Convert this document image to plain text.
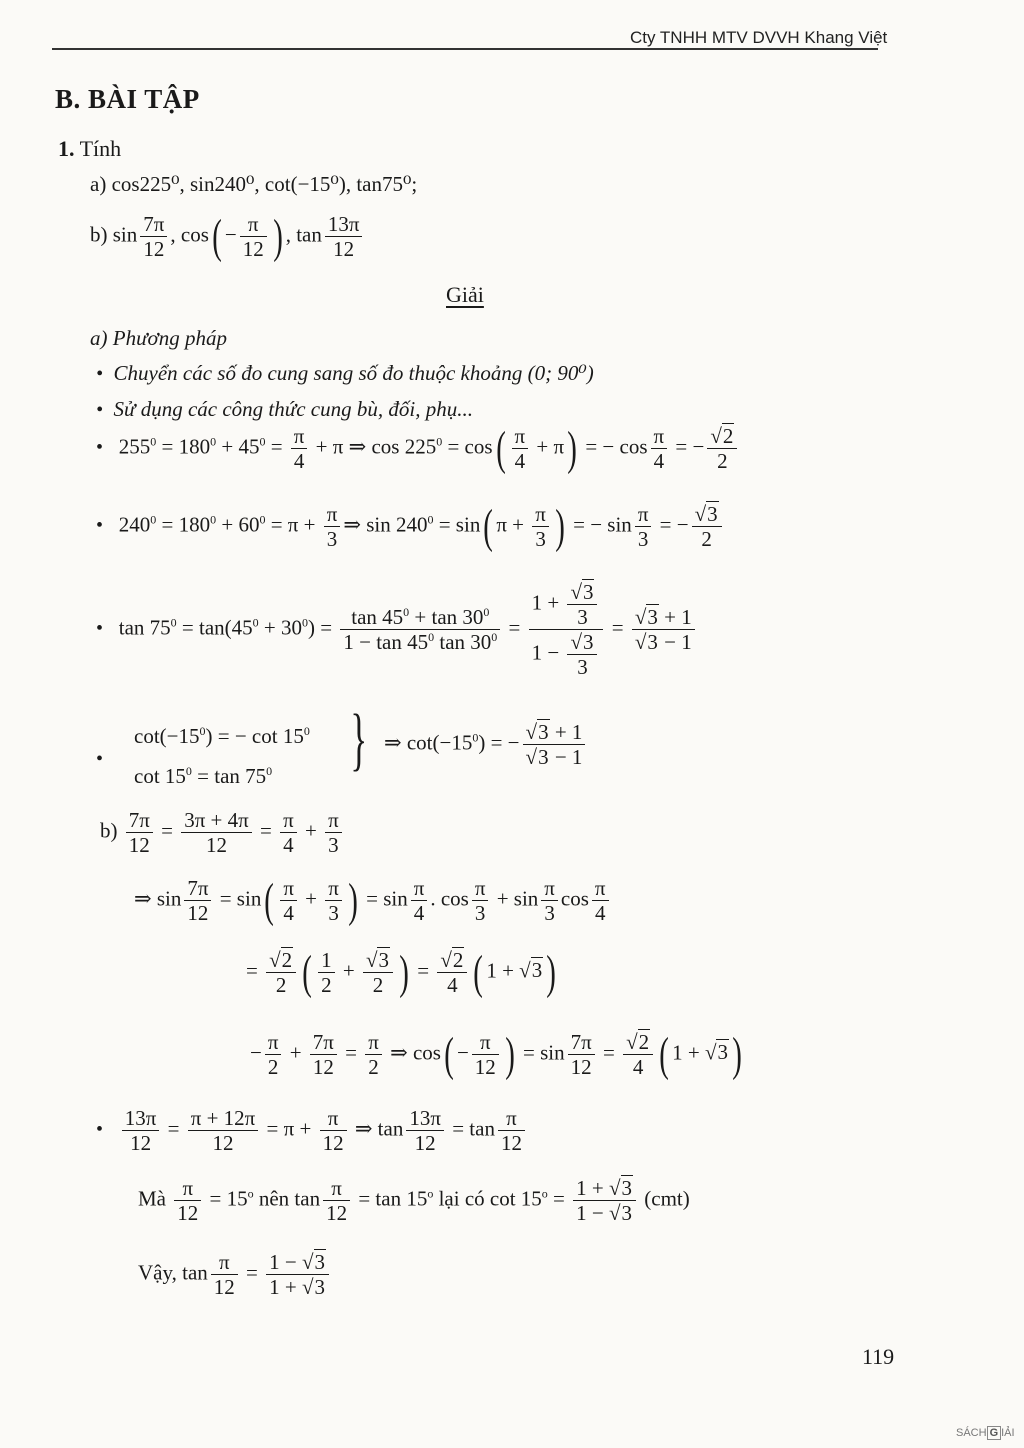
Cty TNHH MTV DVVH Khang Việt
B. BÀI TẬP
1. Tính
a) cos225⁰, sin240⁰, cot(−15⁰), tan75⁰;
b) $\sin \frac{7\pi}{12}$ , $\cos( - \frac{\pi}{12}$ ) , $\tan \frac{13\pi}{12}$
Giải
a) Phương pháp
• Chuyển các số đo cung sang số đo thuộc khoảng (0; 90⁰)
• Sử dụng các công thức cung bù, đối, phụ...
•   $255^0 = 180^0 + 45^0 = \frac{\pi}{4} + \pi$ ⇒ $\cos 225^0 = \cos( \frac{\pi}{4} + \pi)$ = − $\cos \frac{\pi}{4}$ = − $\frac{√2}{2}$
•   $240^0 = 180^0 + 60^0 = \pi + \frac{\pi}{3}$ ⇒ $\sin 240^0 = \sin$( $\pi + \frac{\pi}{3}$ ) = − $\sin \frac{\pi}{3}$ = − $\frac{√3}{2}$
•   $\tan 75^0 = \tan(45^0 + 30^0) = \frac{\tan 45^0 + \tan 30^0}{1 - \tan 45^0 \tan 30^0} = \frac{1 + \frac{√3}{3}}{1 - \frac{√3}{3}} = \frac{√3 + 1}{√3 - 1}$
•
$\cot(-15^0)$ = − $\cot 15^0$
$\cot 15^0 = \tan 75^0$ } ⇒ $\cot(-15^0)$ = − $\frac{√3 + 1}{√3 - 1}$
$b) \frac{7\pi}{12} = \frac{3\pi + 4\pi}{12} = \frac{\pi}{4} + \frac{\pi}{3}$
⇒ $\sin \frac{7\pi}{12} = \sin( \frac{\pi}{4} + \frac{\pi}{3}$ ) = $\sin \frac{\pi}{4}$ . $\cos \frac{\pi}{3} + \sin \frac{\pi}{3}$ $\cos \frac{\pi}{4}$
= $\frac{√2}{2}$ ( $\frac{1}{2} + \frac{√3}{2}$ ) = $\frac{√2}{4}$ ( 1 + √3)
− $\frac{\pi}{2} + \frac{7\pi}{12} = \frac{\pi}{2}$ ⇒ $\cos( - \frac{\pi}{12}$ ) = $\sin \frac{7\pi}{12} = \frac{√2}{4}$ ( 1 + √3)
• $\frac{13\pi}{12} = \frac{\pi + 12\pi}{12} = \pi + \frac{\pi}{12}$ ⇒ $\tan \frac{13\pi}{12} = \tan \frac{\pi}{12}$
Mà $\frac{\pi}{12} = 15^o$ nên $\tan \frac{\pi}{12} = \tan 15^o$ lại có $\cot 15^o = \frac{1 + √3}{1 - √3} (cmt)$
Vậy, $\tan \frac{\pi}{12} = \frac{1 - √3}{1 + √3}$
119
SÁCH G IẢI
